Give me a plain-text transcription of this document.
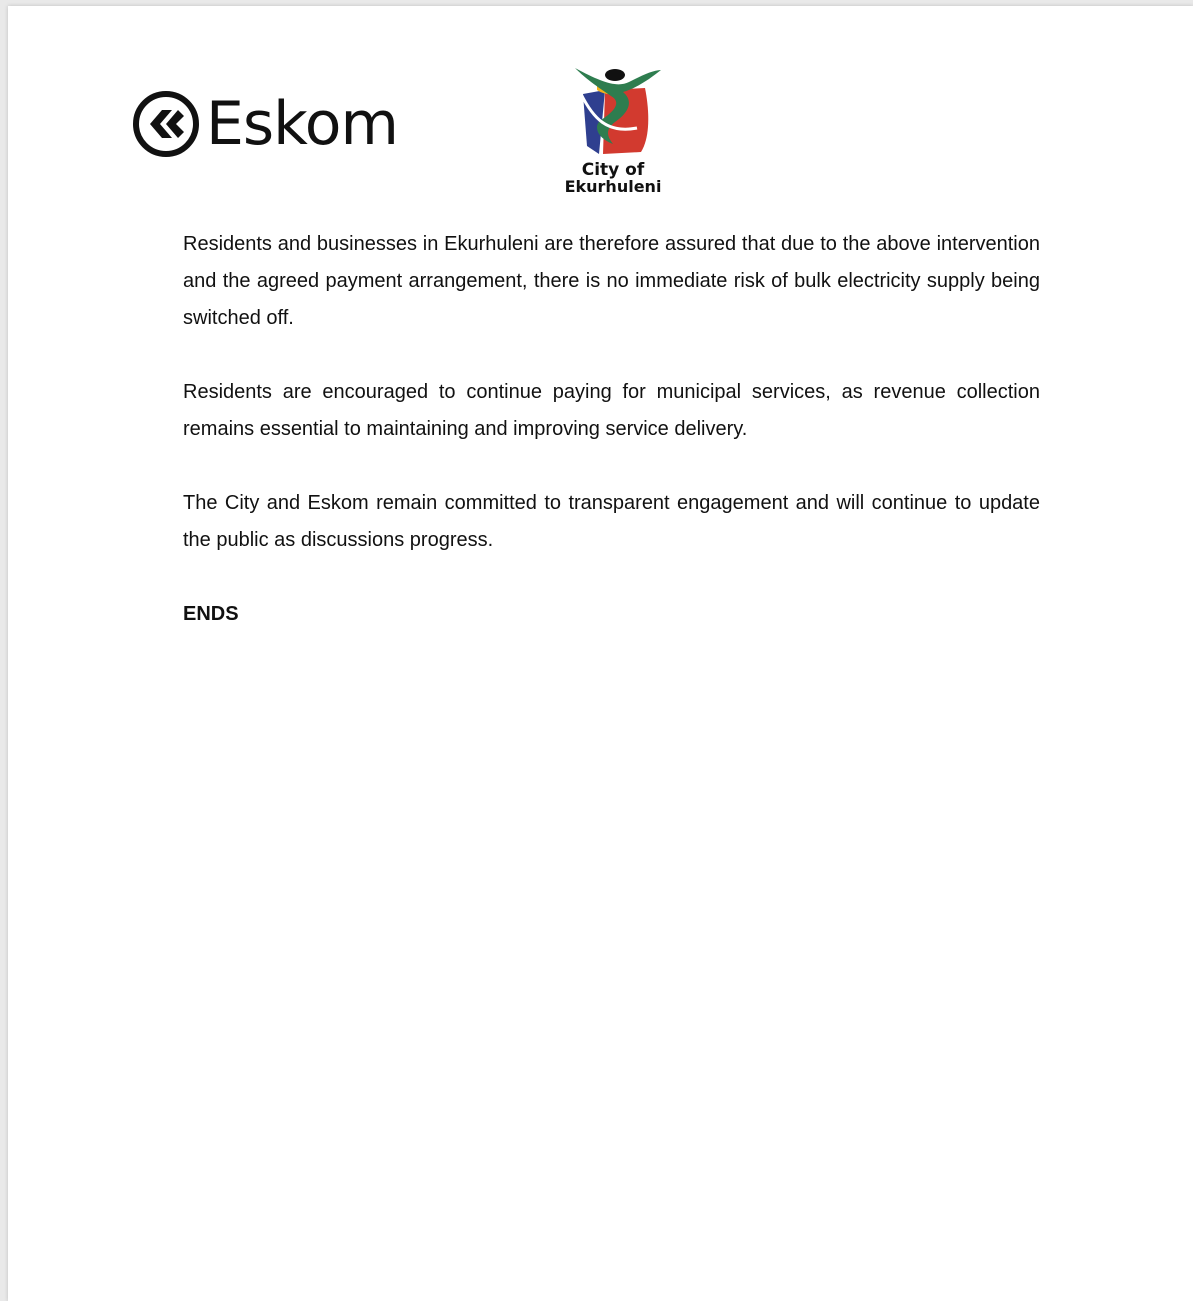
Eskom
City of
Ekurhuleni

Residents and businesses in Ekurhuleni are therefore assured that due to the above intervention and the agreed payment arrangement, there is no immediate risk of bulk electricity supply being switched off.

Residents are encouraged to continue paying for municipal services, as revenue collection remains essential to maintaining and improving service delivery.

The City and Eskom remain committed to transparent engagement and will continue to update the public as discussions progress.

ENDS
